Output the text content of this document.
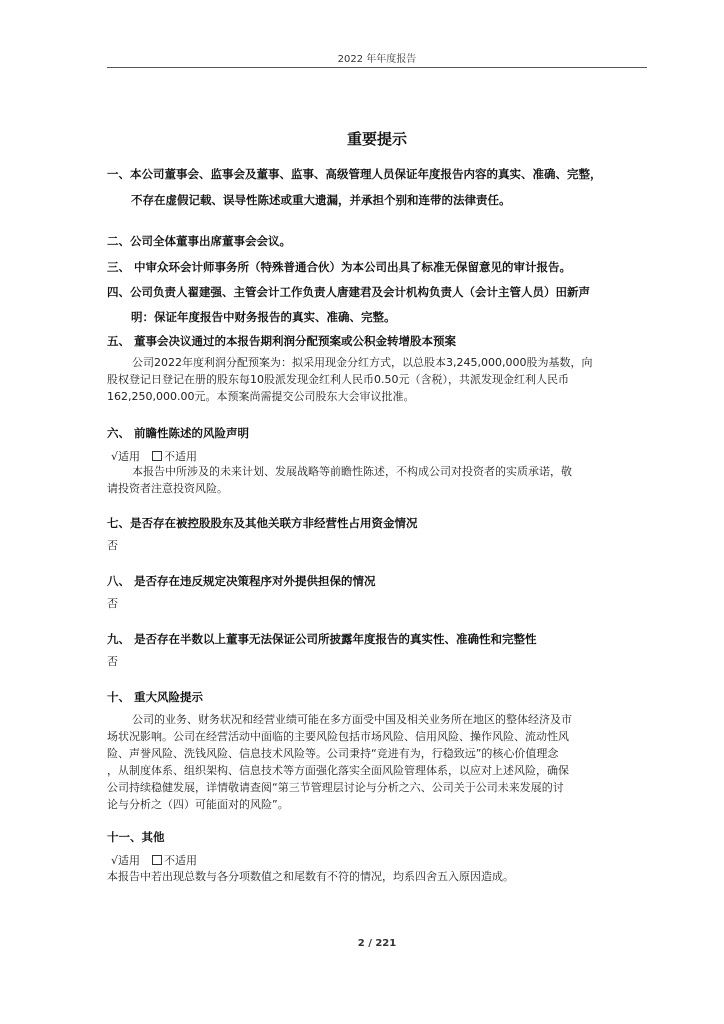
2022 年年度报告
重要提示
一、本公司董事会、监事会及董事、监事、高级管理人员保证年度报告内容的真实、准确、完整，
不存在虚假记载、误导性陈述或重大遗漏，并承担个别和连带的法律责任。
二、公司全体董事出席董事会会议。
三、 中审众环会计师事务所（特殊普通合伙）为本公司出具了标准无保留意见的审计报告。
四、公司负责人翟建强、主管会计工作负责人唐建君及会计机构负责人（会计主管人员）田新声
明：保证年度报告中财务报告的真实、准确、完整。
五、 董事会决议通过的本报告期利润分配预案或公积金转增股本预案
公司2022年度利润分配预案为：拟采用现金分红方式，以总股本3,245,000,000股为基数，向
股权登记日登记在册的股东每10股派发现金红利人民币0.50元（含税），共派发现金红利人民币
162,250,000.00元。本预案尚需提交公司股东大会审议批准。
六、 前瞻性陈述的风险声明
√适用 不适用
本报告中所涉及的未来计划、发展战略等前瞻性陈述，不构成公司对投资者的实质承诺，敬
请投资者注意投资风险。
七、是否存在被控股股东及其他关联方非经营性占用资金情况
否
八、 是否存在违反规定决策程序对外提供担保的情况
否
九、 是否存在半数以上董事无法保证公司所披露年度报告的真实性、准确性和完整性
否
十、 重大风险提示
公司的业务、财务状况和经营业绩可能在多方面受中国及相关业务所在地区的整体经济及市
场状况影响。公司在经营活动中面临的主要风险包括市场风险、信用风险、操作风险、流动性风
险、声誉风险、洗钱风险、信息技术风险等。公司秉持“竞进有为，行稳致远”的核心价值理念
，从制度体系、组织架构、信息技术等方面强化落实全面风险管理体系，以应对上述风险，确保
公司持续稳健发展，详情敬请查阅“第三节管理层讨论与分析之六、公司关于公司未来发展的讨
论与分析之（四）可能面对的风险”。
十一、其他
√适用 不适用
本报告中若出现总数与各分项数值之和尾数有不符的情况，均系四舍五入原因造成。
2 / 221
